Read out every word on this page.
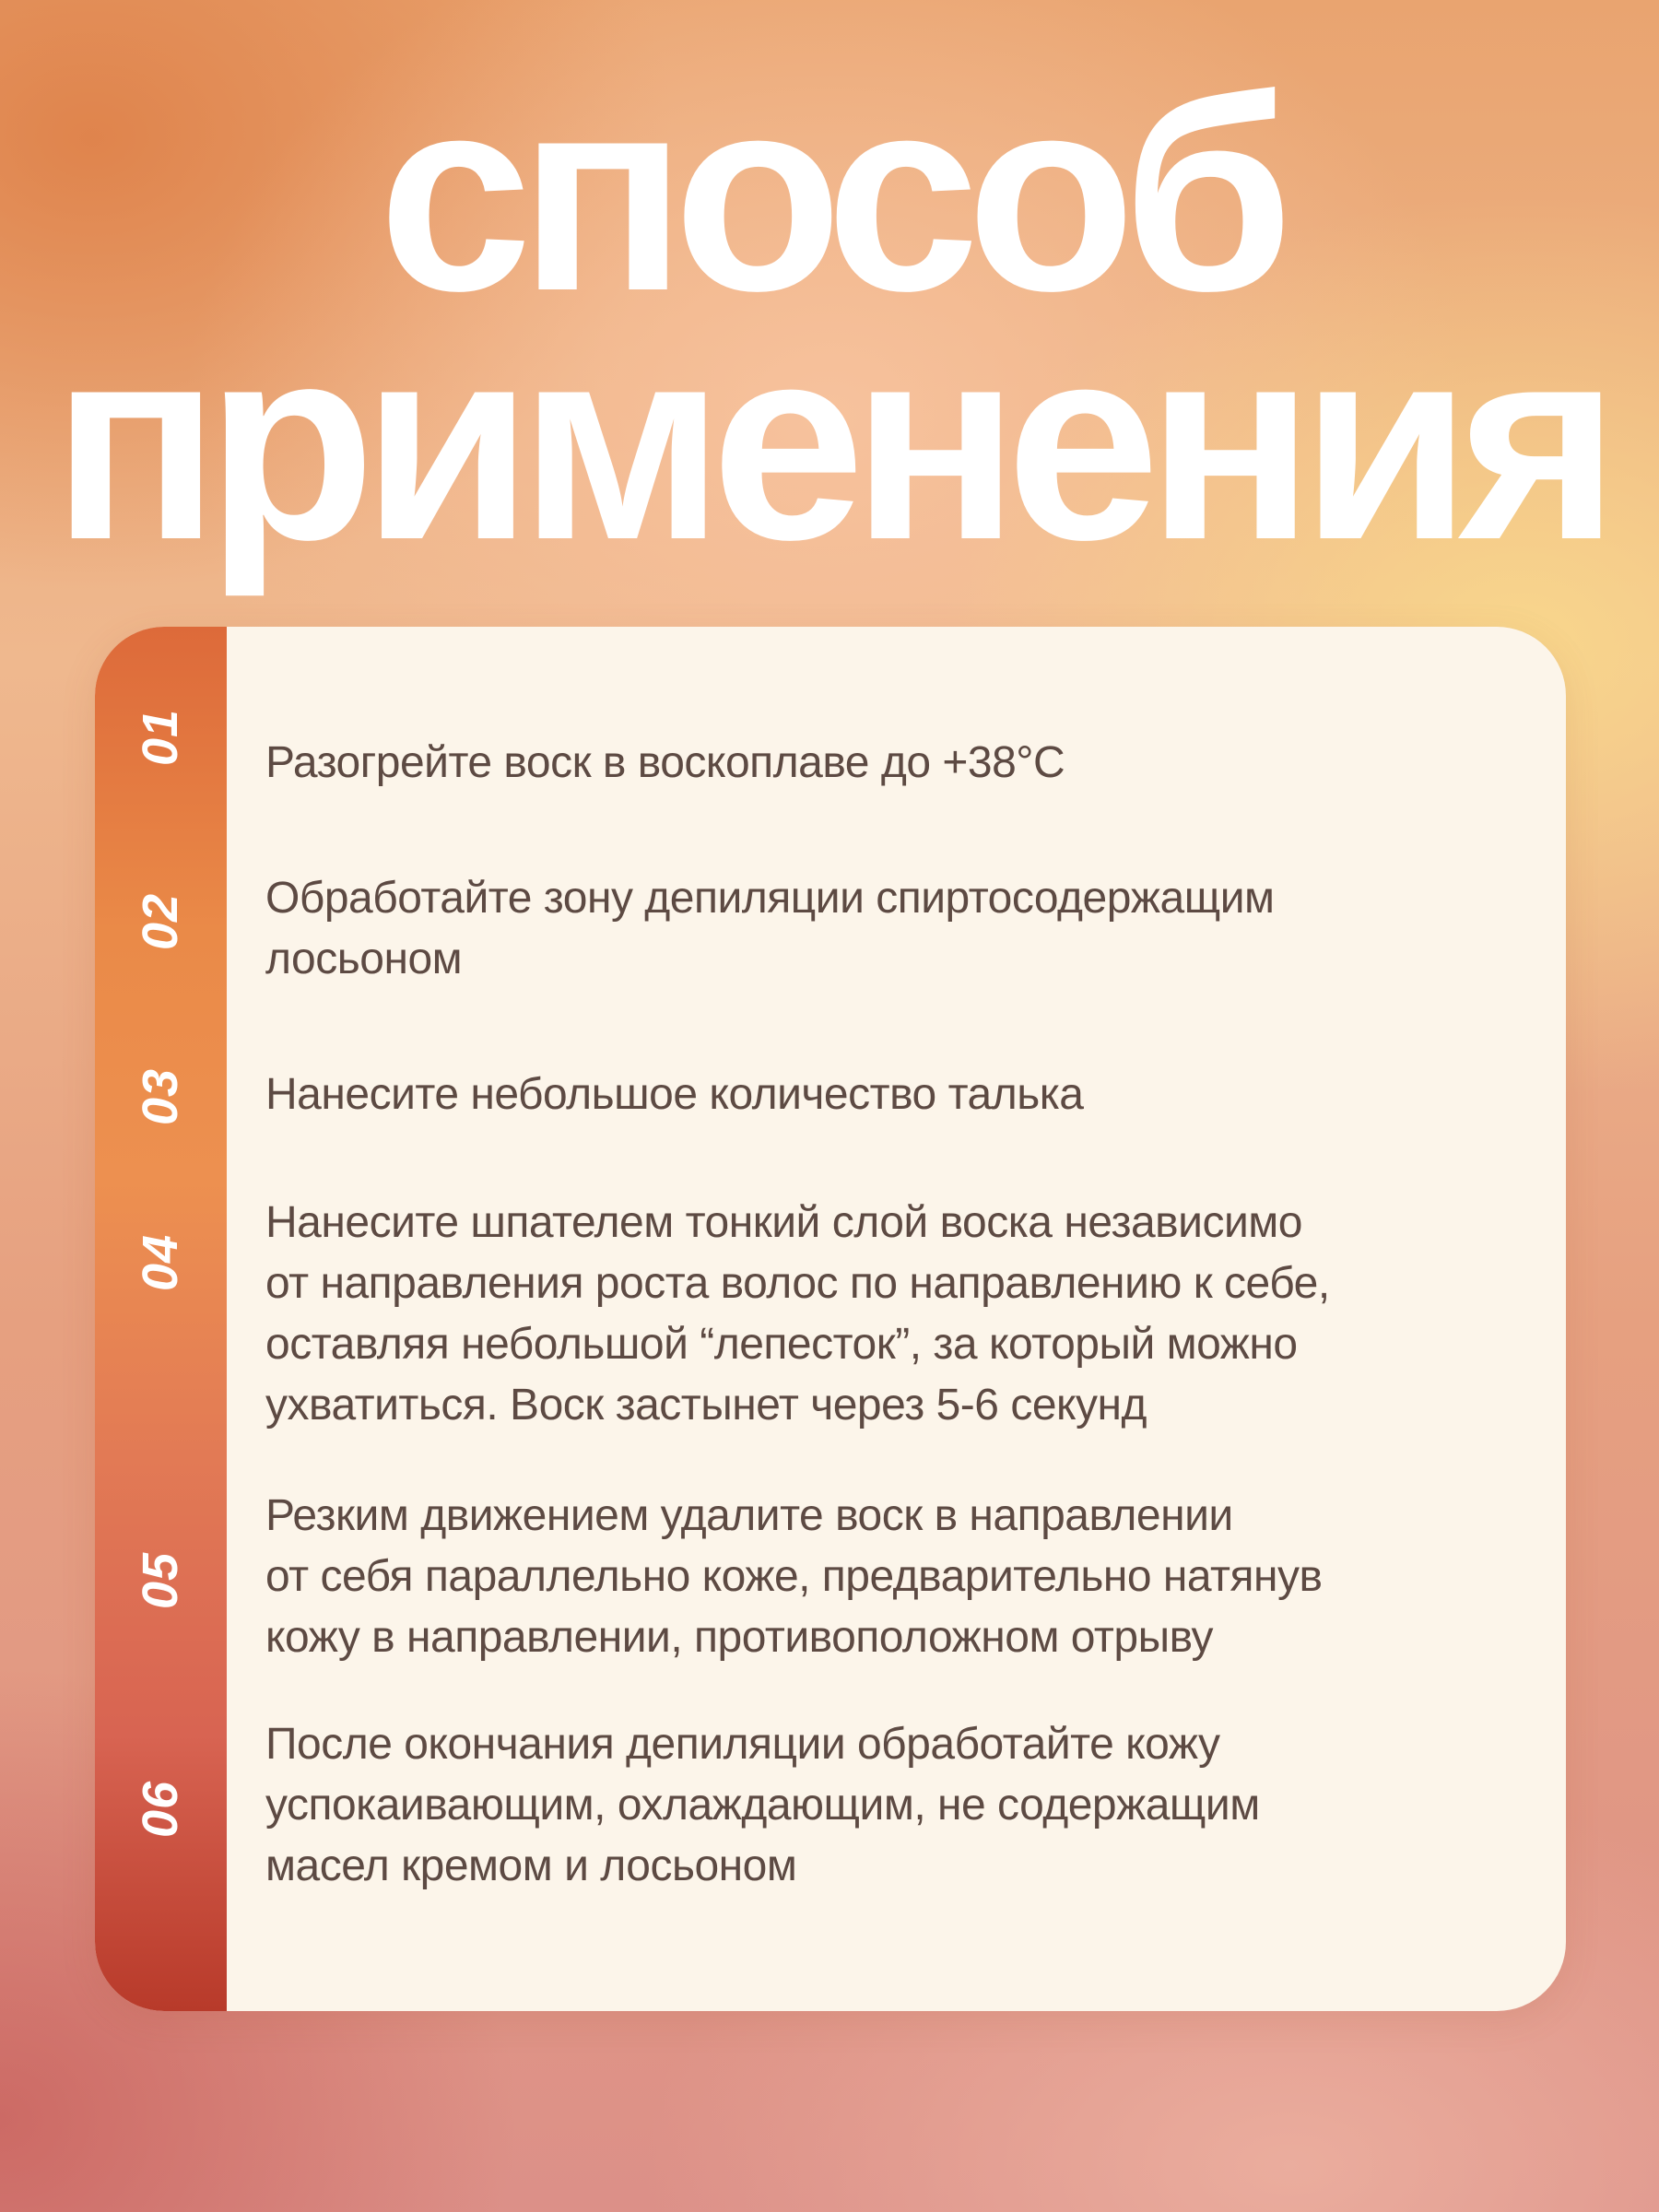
способ
применения
01 Разогрейте воск в воскоплаве до +38°С

02 Обработайте зону депиляции спиртосодержащим
лосьоном

03 Нанесите небольшое количество талька

04

Нанесите шпателем тонкий слой воска независимо
от направления роста волос по направлению к себе,
оставляя небольшой “лепесток”, за который можно
ухватиться. Воск застынет через 5-6 секунд

05

Резким движением удалите воск в направлении
от себя параллельно коже, предварительно натянув
кожу в направлении, противоположном отрыву

06

После окончания депиляции обработайте кожу
успокаивающим, охлаждающим, не содержащим
масел кремом и лосьоном
